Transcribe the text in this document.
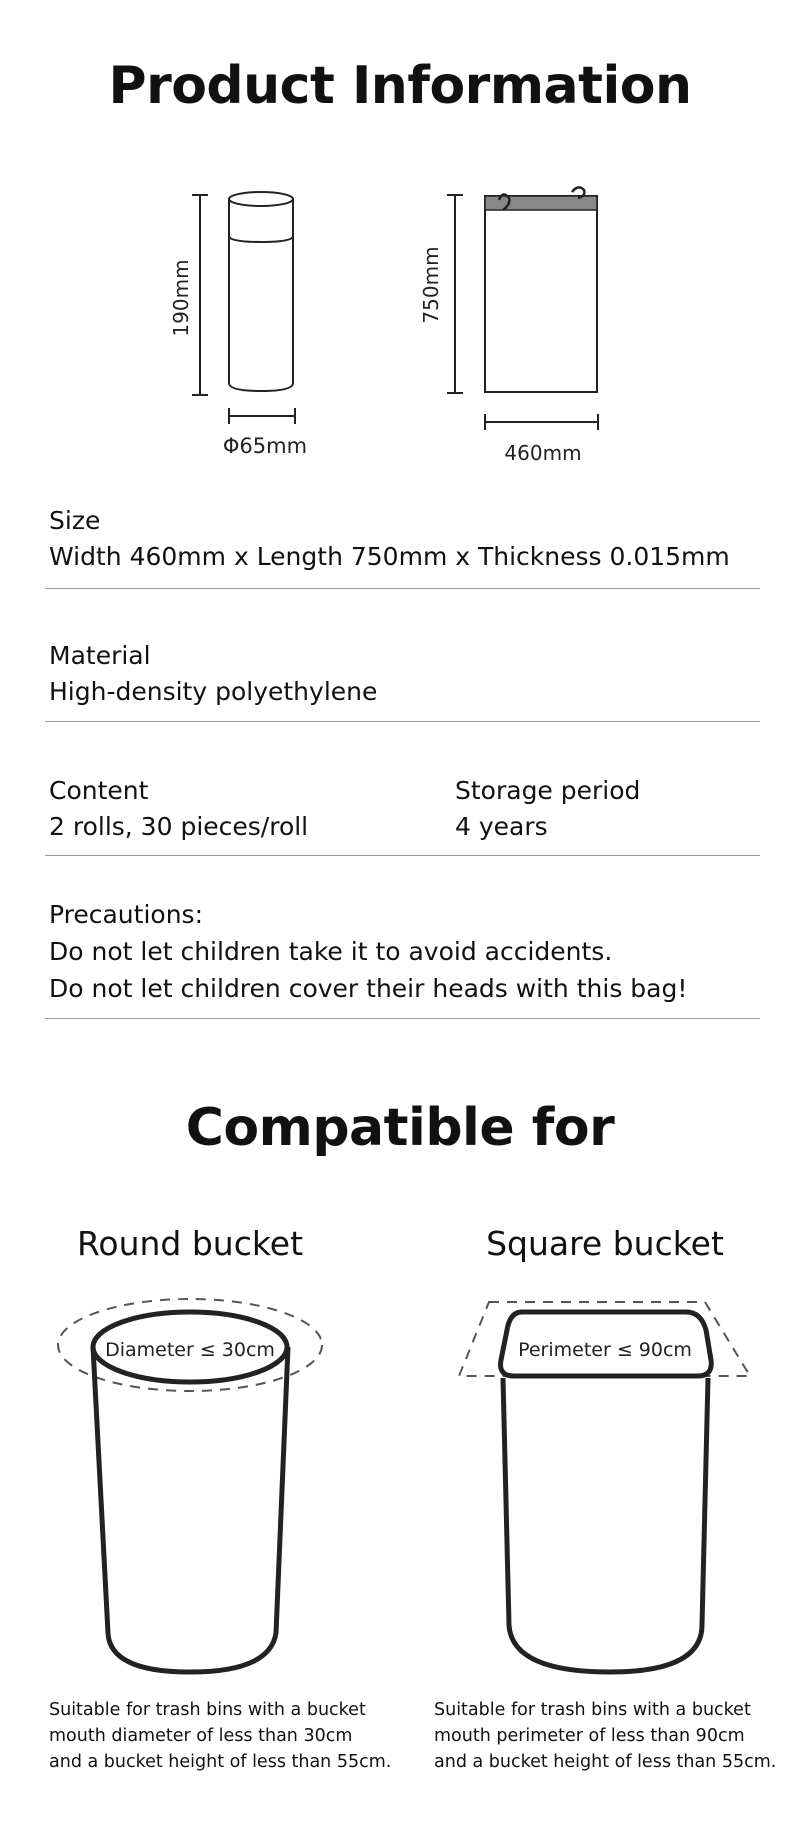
Product Information
190mm
Φ65mm
750mm
460mm
Size
Width 460mm x Length 750mm x Thickness 0.015mm
Material
High-density polyethylene
Content
2 rolls, 30 pieces/roll
Storage period
4 years
Precautions:
Do not let children take it to avoid accidents.
Do not let children cover their heads with this bag!
Compatible for
Round bucket	Square bucket
Diameter ≤ 30cm	Perimeter ≤ 90cm
Suitable for trash bins with a bucket
mouth diameter of less than 30cm
and a bucket height of less than 55cm.
Suitable for trash bins with a bucket
mouth perimeter of less than 90cm
and a bucket height of less than 55cm.
